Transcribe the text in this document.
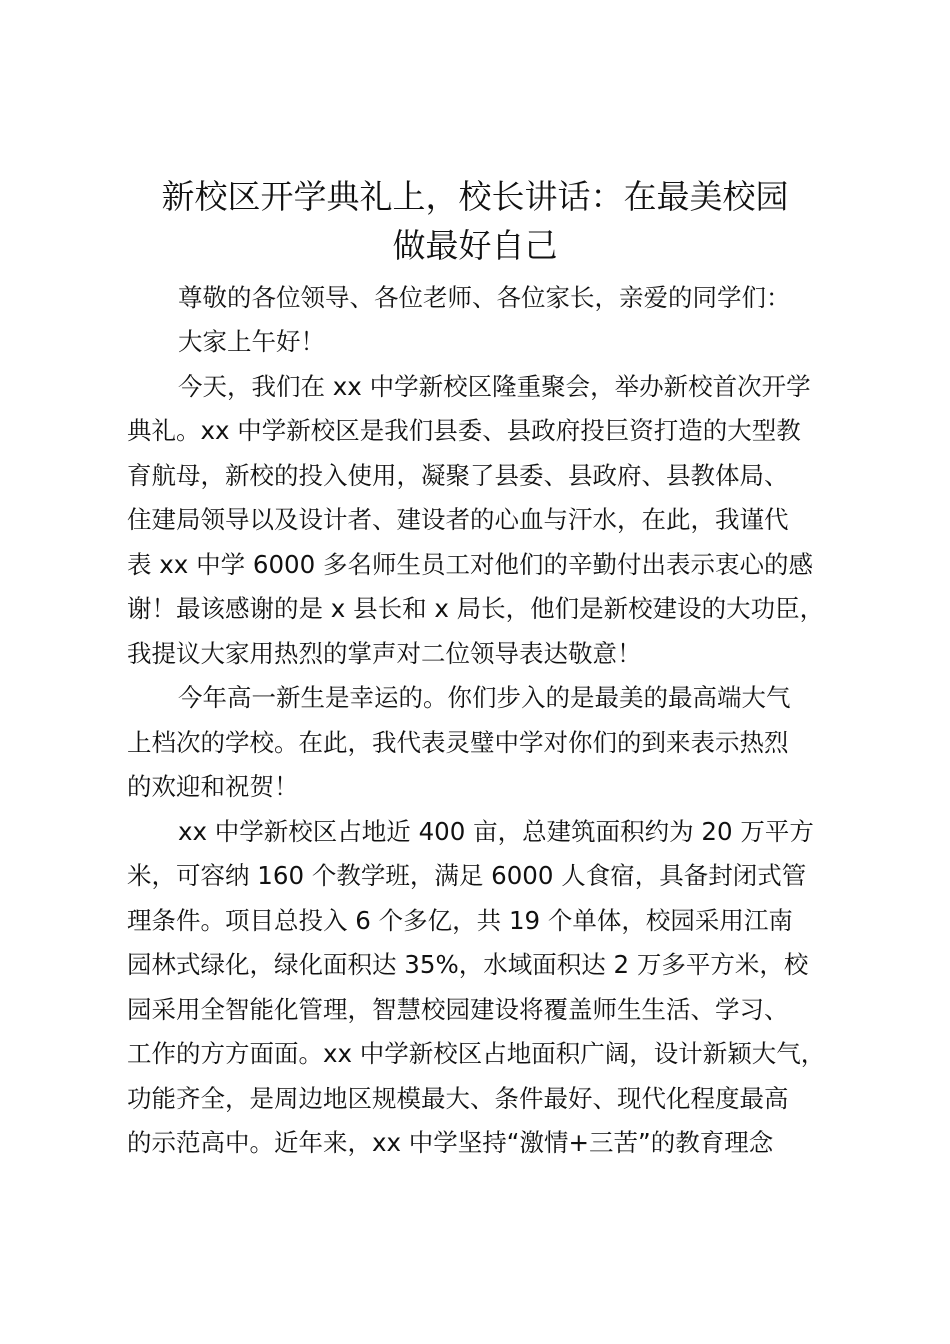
新校区开学典礼上，校长讲话：在最美校园
做最好自己
尊敬的各位领导、各位老师、各位家长，亲爱的同学们：
大家上午好！
今天，我们在 xx 中学新校区隆重聚会，举办新校首次开学
典礼。xx 中学新校区是我们县委、县政府投巨资打造的大型教
育航母，新校的投入使用，凝聚了县委、县政府、县教体局、
住建局领导以及设计者、建设者的心血与汗水，在此，我谨代
表 xx 中学 6000 多名师生员工对他们的辛勤付出表示衷心的感
谢！最该感谢的是 x 县长和 x 局长，他们是新校建设的大功臣，
我提议大家用热烈的掌声对二位领导表达敬意！
今年高一新生是幸运的。你们步入的是最美的最高端大气
上档次的学校。在此，我代表灵璧中学对你们的到来表示热烈
的欢迎和祝贺！
xx 中学新校区占地近 400 亩，总建筑面积约为 20 万平方
米，可容纳 160 个教学班，满足 6000 人食宿，具备封闭式管
理条件。项目总投入 6 个多亿，共 19 个单体，校园采用江南
园林式绿化，绿化面积达 35%，水域面积达 2 万多平方米，校
园采用全智能化管理，智慧校园建设将覆盖师生生活、学习、
工作的方方面面。xx 中学新校区占地面积广阔，设计新颖大气，
功能齐全，是周边地区规模最大、条件最好、现代化程度最高
的示范高中。近年来，xx 中学坚持“激情+三苦”的教育理念
